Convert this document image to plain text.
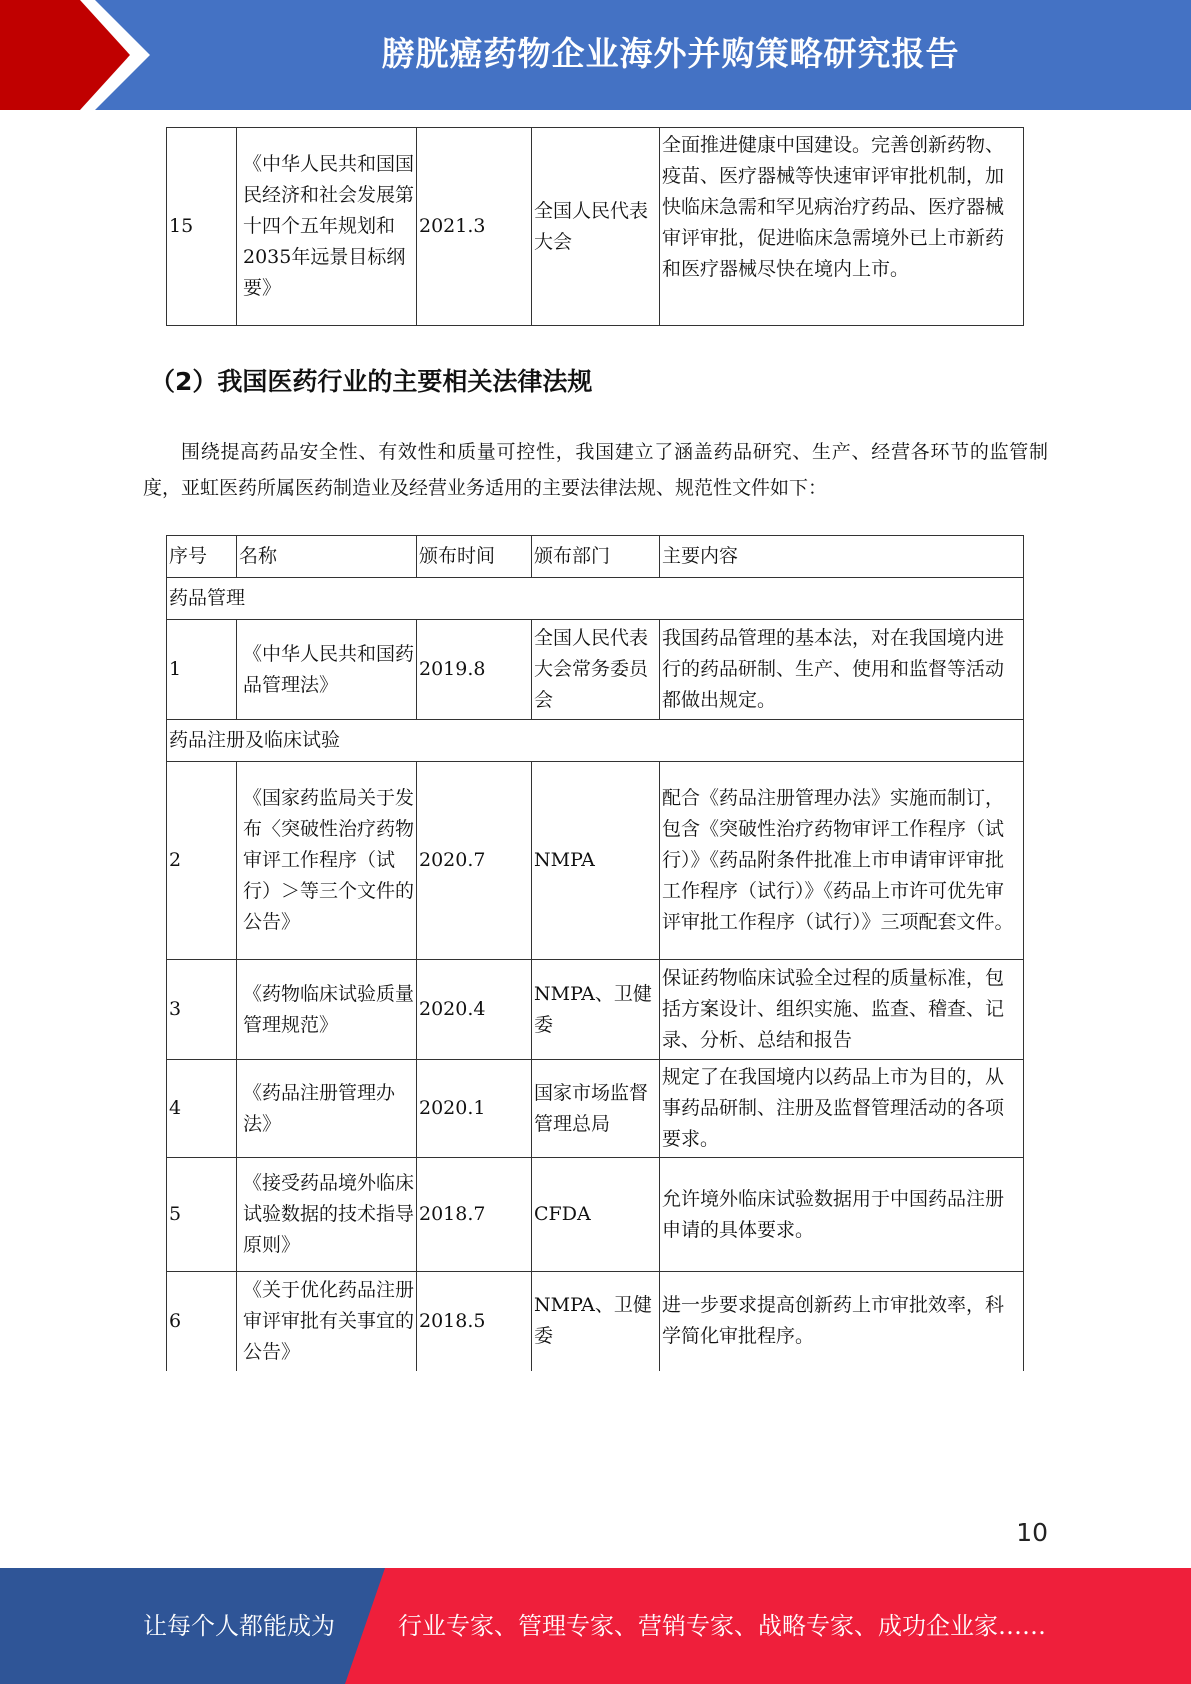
膀胱癌药物企业海外并购策略研究报告
15	《中华人民共和国国民经济和社会发展第十四个五年规划和2035年远景目标纲要》	2021.3	全国人民代表大会	全面推进健康中国建设。完善创新药物、疫苗、医疗器械等快速审评审批机制，加快临床急需和罕见病治疗药品、医疗器械审评审批，促进临床急需境外已上市新药和医疗器械尽快在境内上市。
（2）我国医药行业的主要相关法律法规
围绕提高药品安全性、有效性和质量可控性，我国建立了涵盖药品研究、生产、经营各环节的监管制度，亚虹医药所属医药制造业及经营业务适用的主要法律法规、规范性文件如下：
序号	名称	颁布时间	颁布部门	主要内容
药品管理				
1	《中华人民共和国药品管理法》	2019.8	全国人民代表大会常务委员会	我国药品管理的基本法，对在我国境内进行的药品研制、生产、使用和监督等活动都做出规定。
药品注册及临床试验				
2	《国家药监局关于发布〈突破性治疗药物审评工作程序（试行）＞等三个文件的公告》	2020.7	NMPA	配合《药品注册管理办法》实施而制订，包含《突破性治疗药物审评工作程序（试行）》《药品附条件批准上市申请审评审批工作程序（试行）》《药品上市许可优先审评审批工作程序（试行）》三项配套文件。
3	《药物临床试验质量管理规范》	2020.4	NMPA、卫健委	保证药物临床试验全过程的质量标准，包括方案设计、组织实施、监查、稽查、记录、分析、总结和报告
4	《药品注册管理办法》	2020.1	国家市场监督管理总局	规定了在我国境内以药品上市为目的，从事药品研制、注册及监督管理活动的各项要求。
5	《接受药品境外临床试验数据的技术指导原则》	2018.7	CFDA	允许境外临床试验数据用于中国药品注册申请的具体要求。
6	《关于优化药品注册审评审批有关事宜的公告》	2018.5	NMPA、卫健委	进一步要求提高创新药上市审批效率，科学简化审批程序。
10
让每个人都能成为	行业专家、管理专家、营销专家、战略专家、成功企业家……
